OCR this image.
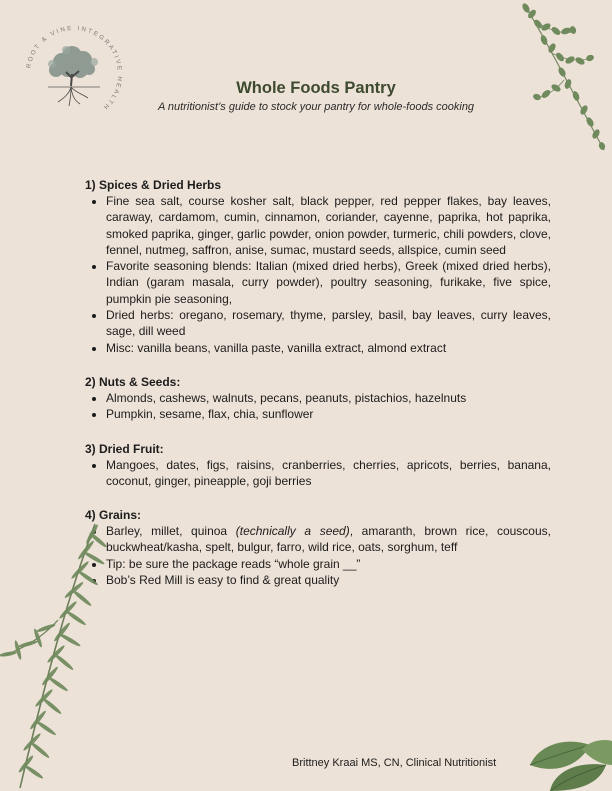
ROOT & VINE INTEGRATIVE HEALTH
Whole Foods Pantry

A nutritionist’s guide to stock your pantry for whole-foods cooking

1) Spices & Dried Herbs

• Fine sea salt, course kosher salt, black pepper, red pepper flakes, bay leaves, caraway, cardamom, cumin, cinnamon, coriander, cayenne, paprika, hot paprika, smoked paprika, ginger, garlic powder, onion powder, turmeric, chili powders, clove, fennel, nutmeg, saffron, anise, sumac, mustard seeds, allspice, cumin seed
• Favorite seasoning blends: Italian (mixed dried herbs), Greek (mixed dried herbs), Indian (garam masala, curry powder), poultry seasoning, furikake, five spice, pumpkin pie seasoning,
• Dried herbs: oregano, rosemary, thyme, parsley, basil, bay leaves, curry leaves, sage, dill weed
• Misc: vanilla beans, vanilla paste, vanilla extract, almond extract

2) Nuts & Seeds:

• Almonds, cashews, walnuts, pecans, peanuts, pistachios, hazelnuts
• Pumpkin, sesame, flax, chia, sunflower

3) Dried Fruit:

• Mangoes, dates, figs, raisins, cranberries, cherries, apricots, berries, banana, coconut, ginger, pineapple, goji berries

4) Grains:

• Barley, millet, quinoa (technically a seed), amaranth, brown rice, couscous, buckwheat/kasha, spelt, bulgur, farro, wild rice, oats, sorghum, teff
• Tip: be sure the package reads “whole grain __”
• Bob’s Red Mill is easy to find & great quality
Brittney Kraai MS, CN, Clinical Nutritionist
